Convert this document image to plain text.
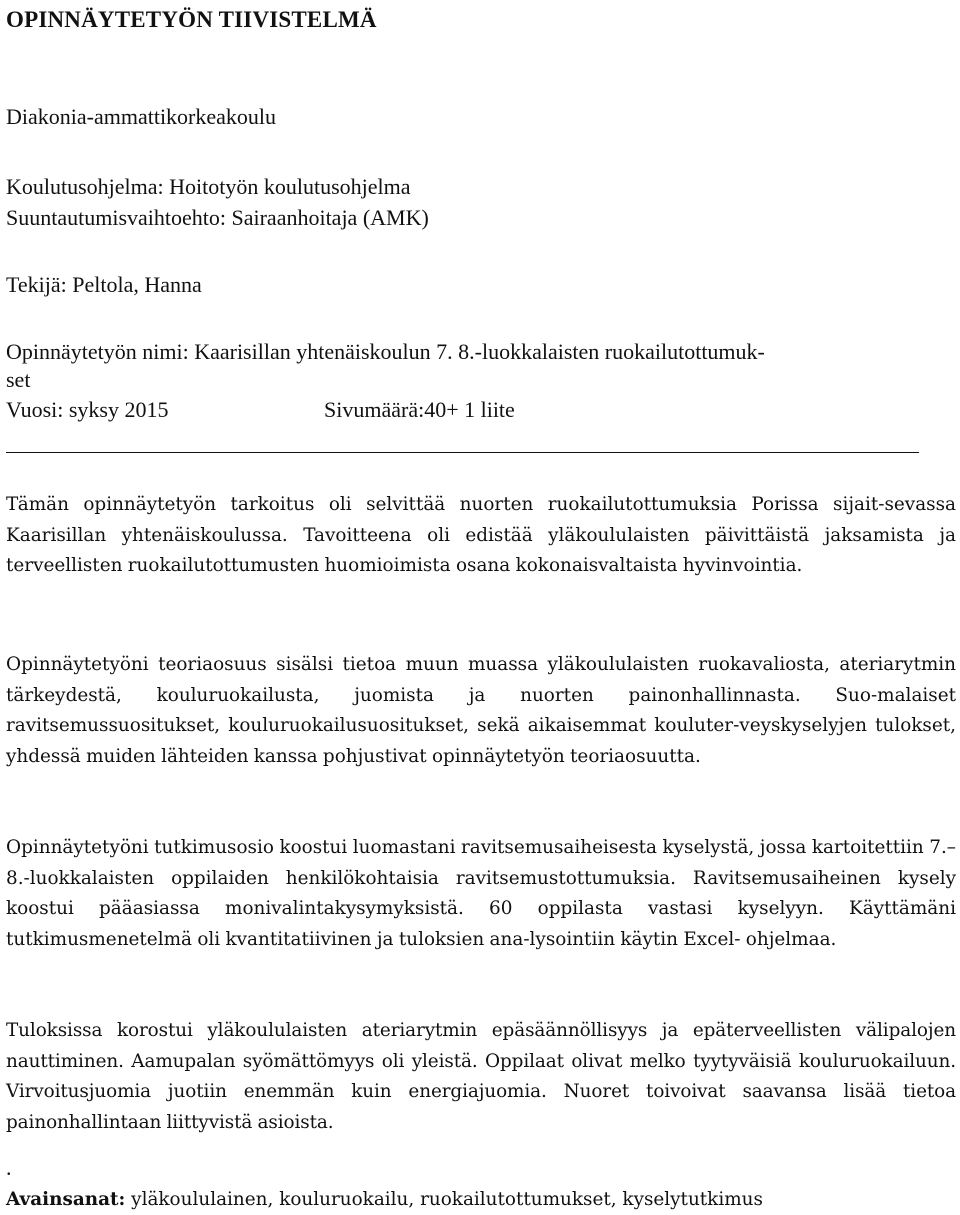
OPINNÄYTETYÖN TIIVISTELMÄ
Diakonia-ammattikorkeakoulu
Koulutusohjelma: Hoitotyön koulutusohjelma
Suuntautumisvaihtoehto: Sairaanhoitaja (AMK)
Tekijä: Peltola, Hanna
Opinnäytetyön nimi: Kaarisillan yhtenäiskoulun 7. 8.-luokkalaisten ruokailutottumuk-
set
Vuosi: syksy 2015	Sivumäärä:40+ 1 liite
Tämän opinnäytetyön tarkoitus oli selvittää nuorten ruokailutottumuksia Porissa sijait-sevassa Kaarisillan yhtenäiskoulussa. Tavoitteena oli edistää yläkoululaisten päivittäistä jaksamista ja terveellisten ruokailutottumusten huomioimista osana kokonaisvaltaista hyvinvointia.
Opinnäytetyöni teoriaosuus sisälsi tietoa muun muassa yläkoululaisten ruokavaliosta, ateriarytmin tärkeydestä, kouluruokailusta, juomista ja nuorten painonhallinnasta. Suo-malaiset ravitsemussuositukset, kouluruokailusuositukset, sekä aikaisemmat kouluter-veyskyselyjen tulokset, yhdessä muiden lähteiden kanssa pohjustivat opinnäytetyön teoriaosuutta.
Opinnäytetyöni tutkimusosio koostui luomastani ravitsemusaiheisesta kyselystä, jossa kartoitettiin 7.–8.-luokkalaisten oppilaiden henkilökohtaisia ravitsemustottumuksia. Ravitsemusaiheinen kysely koostui pääasiassa monivalintakysymyksistä. 60 oppilasta vastasi kyselyyn. Käyttämäni tutkimusmenetelmä oli kvantitatiivinen ja tuloksien ana-lysointiin käytin Excel- ohjelmaa.
Tuloksissa korostui yläkoululaisten ateriarytmin epäsäännöllisyys ja epäterveellisten välipalojen nauttiminen. Aamupalan syömättömyys oli yleistä. Oppilaat olivat melko tyytyväisiä kouluruokailuun. Virvoitusjuomia juotiin enemmän kuin energiajuomia. Nuoret toivoivat saavansa lisää tietoa painonhallintaan liittyvistä asioista.
.
Avainsanat: yläkoululainen, kouluruokailu, ruokailutottumukset, kyselytutkimus
